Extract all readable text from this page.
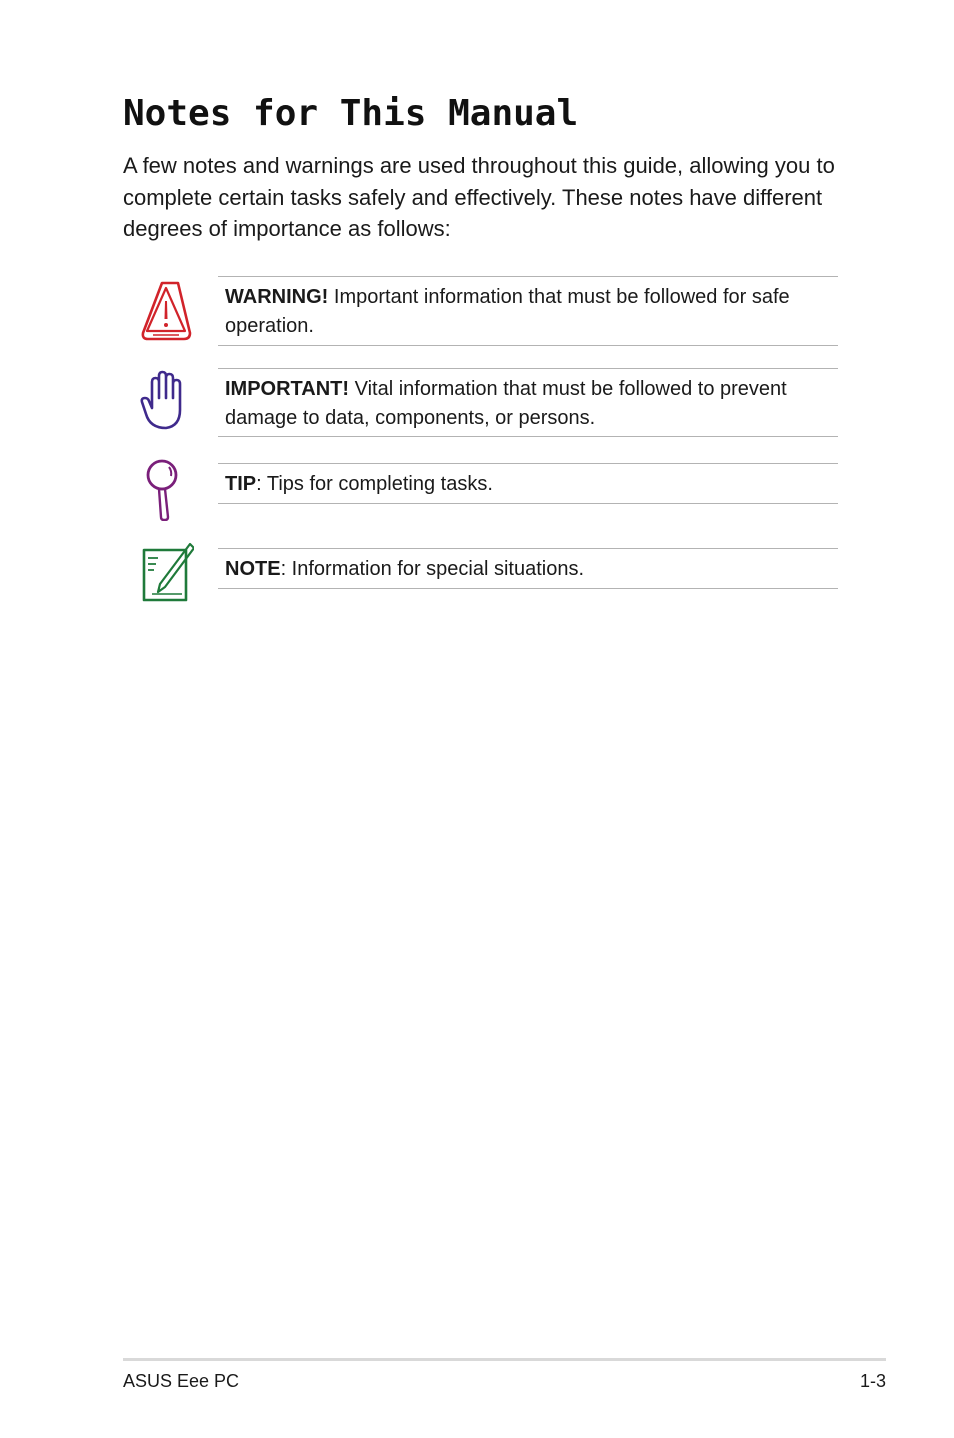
Notes for This Manual

A few notes and warnings are used throughout this guide, allowing you to complete certain tasks safely and effectively. These notes have different degrees of importance as follows:

WARNING! Important information that must be followed for safe operation.
IMPORTANT! Vital information that must be followed to prevent damage to data, components, or persons.
TIP: Tips for completing tasks.
NOTE: Information for special situations.
ASUS Eee PC	1-3
